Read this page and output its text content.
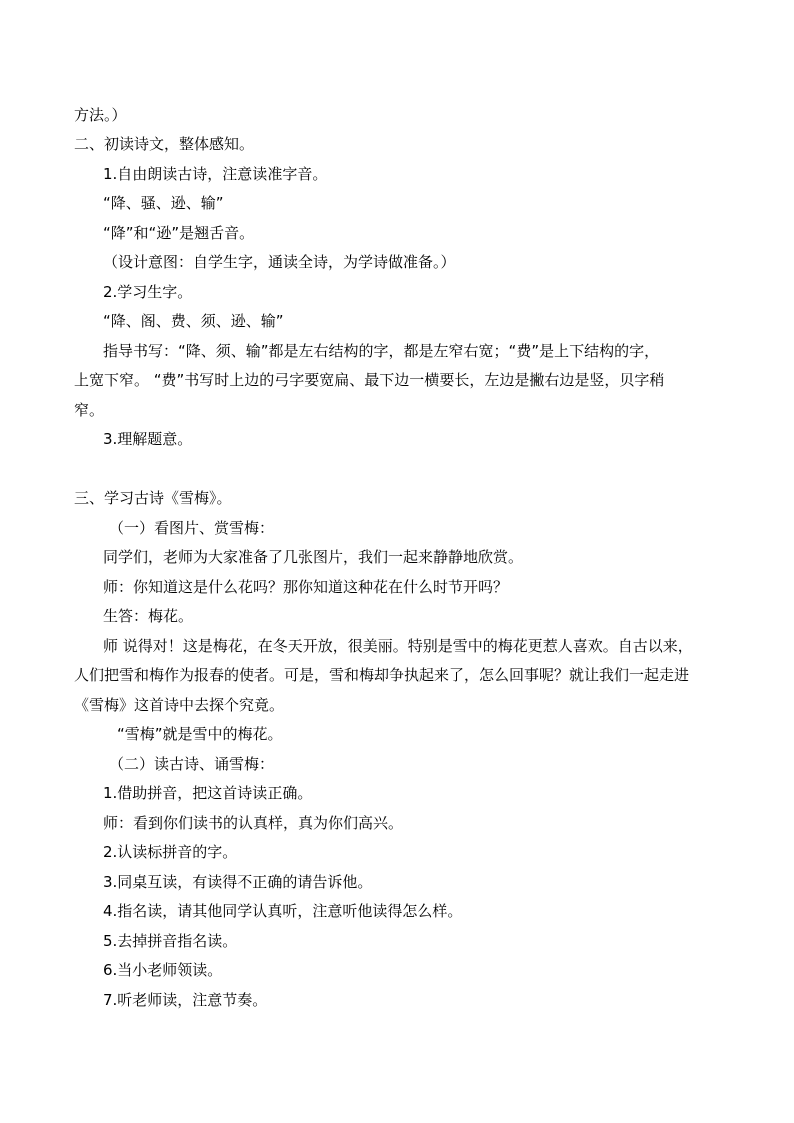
方法。）
二、初读诗文，整体感知。
1.自由朗读古诗，注意读准字音。
“降、骚、逊、输”
“降”和“逊”是翘舌音。
（设计意图：自学生字，通读全诗，为学诗做准备。）
2.学习生字。
“降、阁、费、须、逊、输”
指导书写：“降、须、输”都是左右结构的字，都是左窄右宽；“费”是上下结构的字，
上宽下窄。 “费”书写时上边的弓字要宽扁、最下边一横要长，左边是撇右边是竖，贝字稍
窄。
3.理解题意。
三、学习古诗《雪梅》。
（一）看图片、赏雪梅：
同学们，老师为大家准备了几张图片，我们一起来静静地欣赏。
师：你知道这是什么花吗？那你知道这种花在什么时节开吗？
生答：梅花。
师 说得对！这是梅花，在冬天开放，很美丽。特别是雪中的梅花更惹人喜欢。自古以来，
人们把雪和梅作为报春的使者。可是，雪和梅却争执起来了，怎么回事呢？就让我们一起走进
《雪梅》这首诗中去探个究竟。
“雪梅”就是雪中的梅花。
（二）读古诗、诵雪梅：
1.借助拼音，把这首诗读正确。
师：看到你们读书的认真样，真为你们高兴。
2.认读标拼音的字。
3.同桌互读，有读得不正确的请告诉他。
4.指名读，请其他同学认真听，注意听他读得怎么样。
5.去掉拼音指名读。
6.当小老师领读。
7.听老师读，注意节奏。
